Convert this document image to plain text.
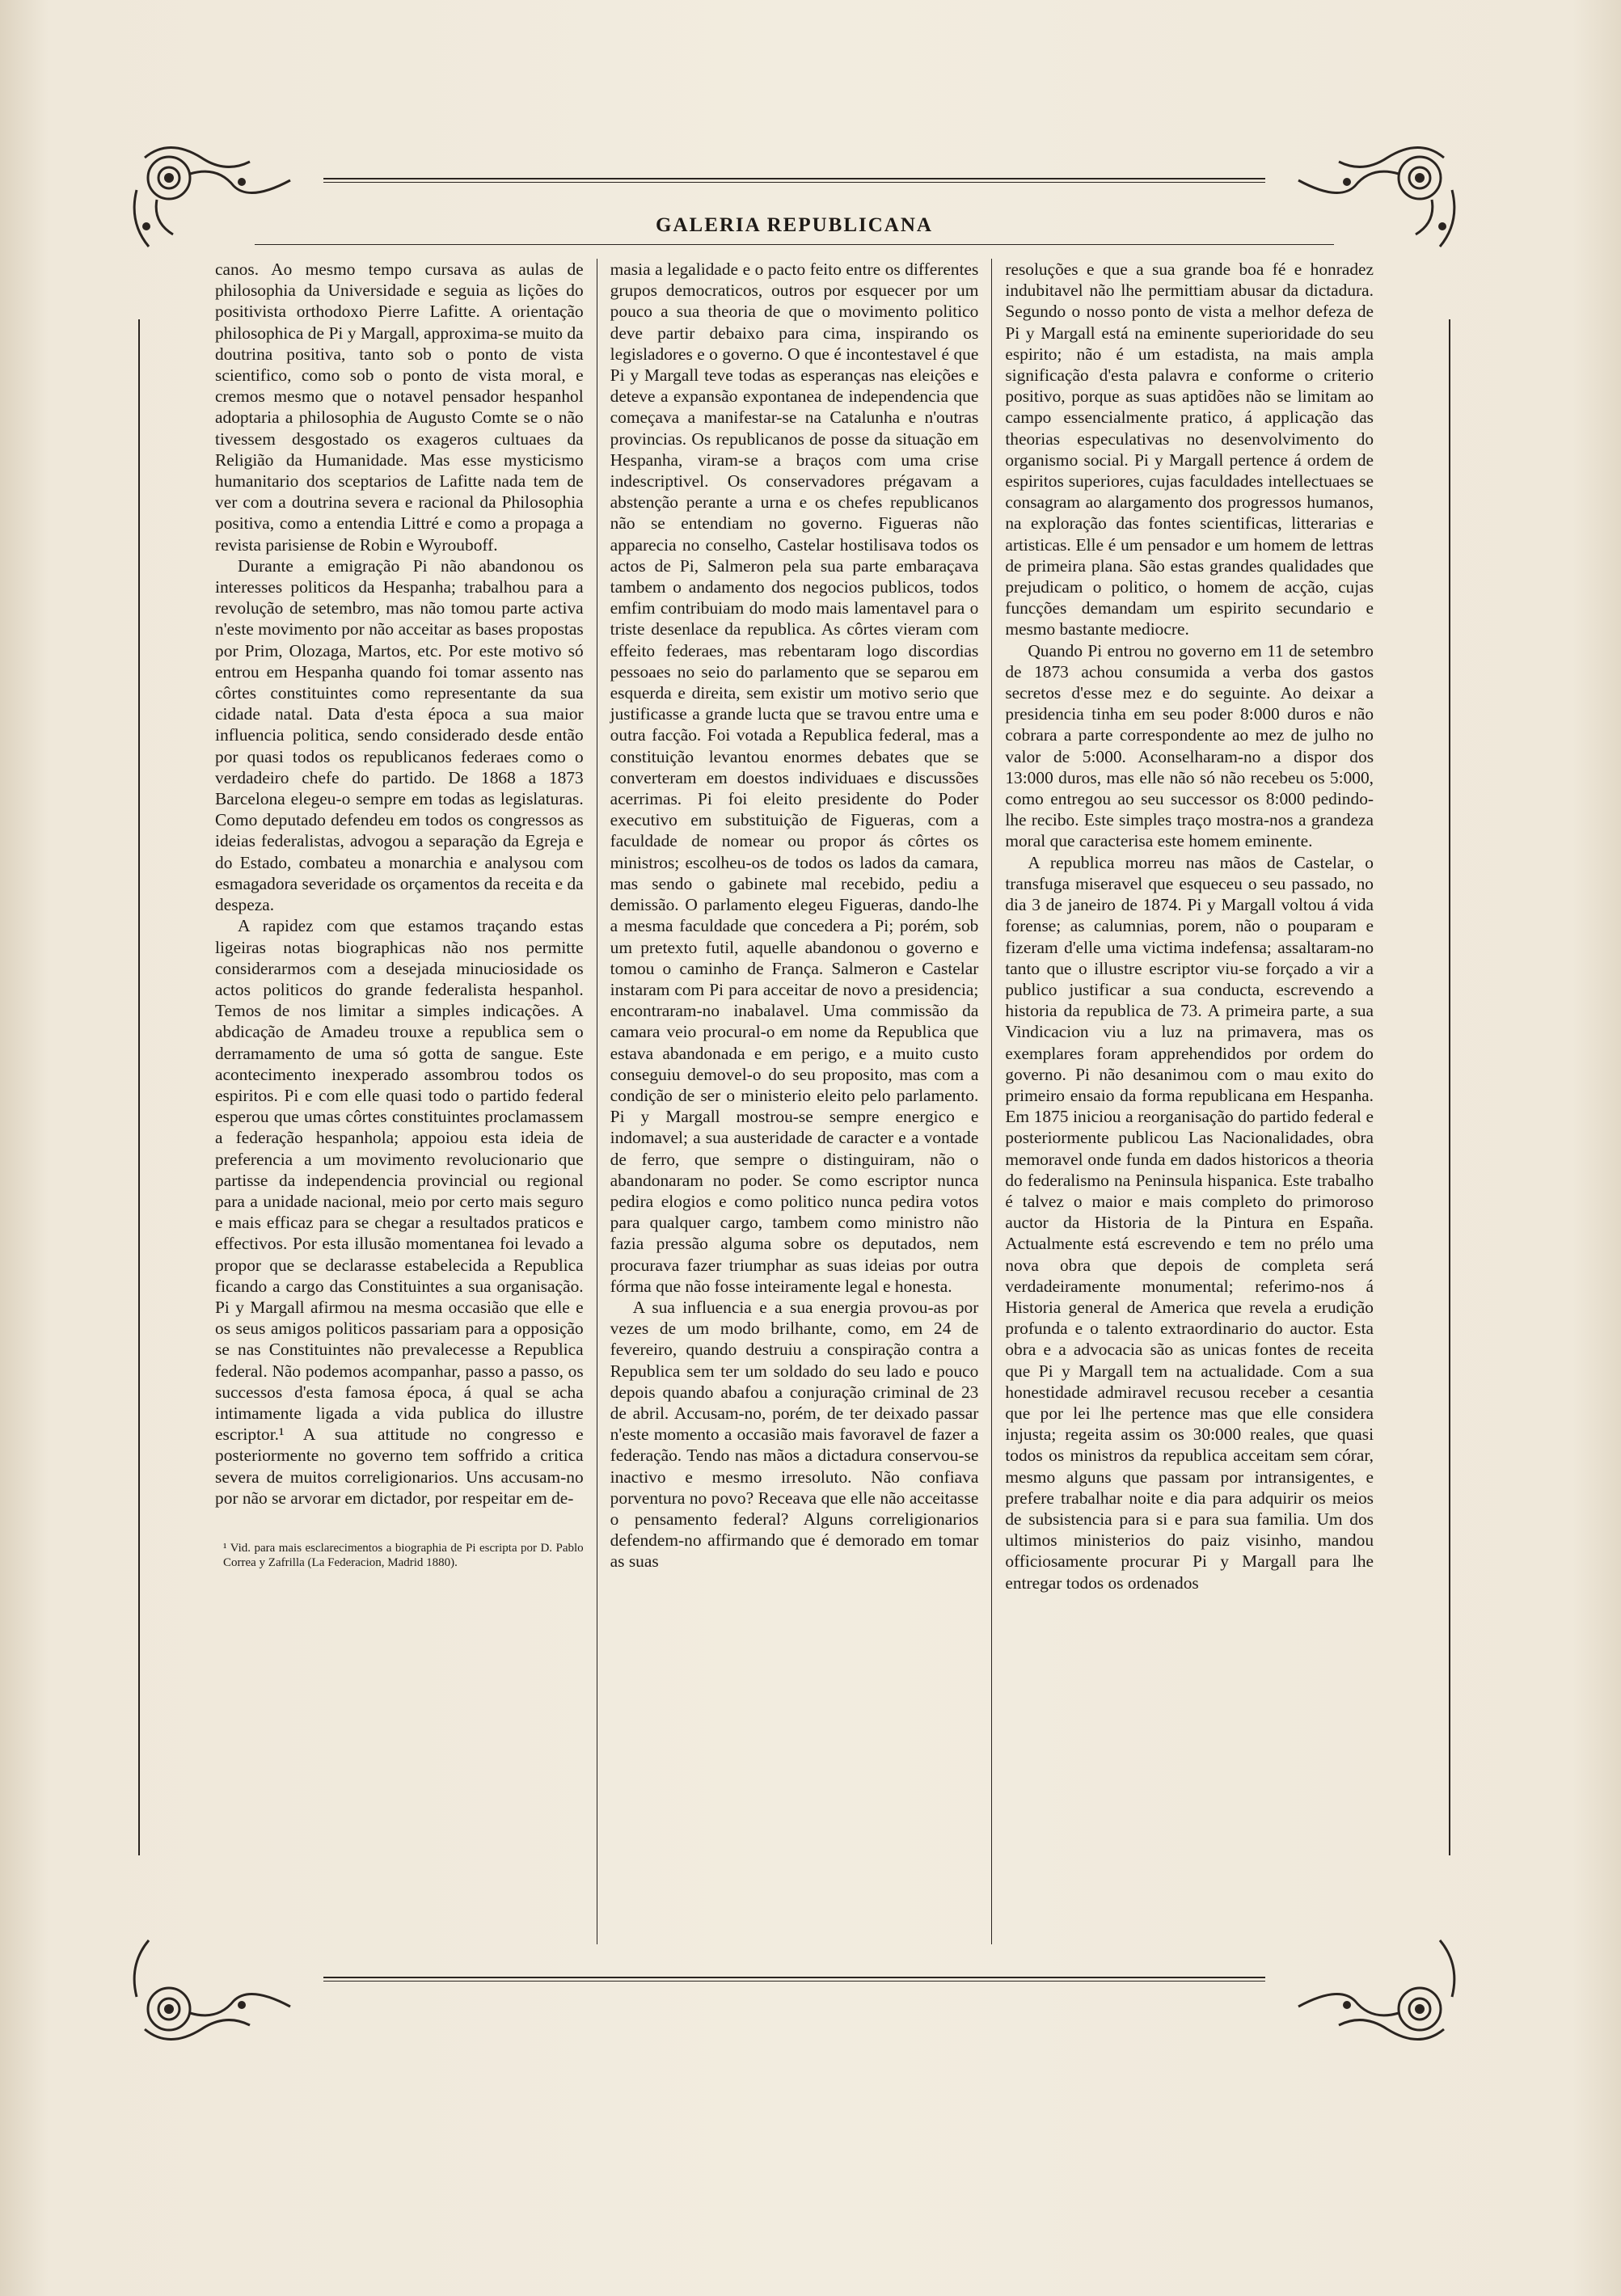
GALERIA REPUBLICANA

canos. Ao mesmo tempo cursava as aulas de philosophia da Universidade e seguia as lições do positivista orthodoxo Pierre Lafitte. A orientação philosophica de Pi y Margall, approxima-se muito da doutrina positiva, tanto sob o ponto de vista scientifico, como sob o ponto de vista moral, e cremos mesmo que o notavel pensador hespanhol adoptaria a philosophia de Augusto Comte se o não tivessem desgostado os exageros cultuaes da Religião da Humanidade. Mas esse mysticismo humanitario dos sceptarios de Lafitte nada tem de ver com a doutrina severa e racional da Philosophia positiva, como a entendia Littré e como a propaga a revista parisiense de Robin e Wyrouboff.

Durante a emigração Pi não abandonou os interesses politicos da Hespanha; trabalhou para a revolução de setembro, mas não tomou parte activa n'este movimento por não acceitar as bases propostas por Prim, Olozaga, Martos, etc. Por este motivo só entrou em Hespanha quando foi tomar assento nas côrtes constituintes como representante da sua cidade natal. Data d'esta época a sua maior influencia politica, sendo considerado desde então por quasi todos os republicanos federaes como o verdadeiro chefe do partido. De 1868 a 1873 Barcelona elegeu-o sempre em todas as legislaturas. Como deputado defendeu em todos os congressos as ideias federalistas, advogou a separação da Egreja e do Estado, combateu a monarchia e analysou com esmagadora severidade os orçamentos da receita e da despeza.

A rapidez com que estamos traçando estas ligeiras notas biographicas não nos permitte considerarmos com a desejada minuciosidade os actos politicos do grande federalista hespanhol. Temos de nos limitar a simples indicações. A abdicação de Amadeu trouxe a republica sem o derramamento de uma só gotta de sangue. Este acontecimento inexperado assombrou todos os espiritos. Pi e com elle quasi todo o partido federal esperou que umas côrtes constituintes proclamassem a federação hespanhola; appoiou esta ideia de preferencia a um movimento revolucionario que partisse da independencia provincial ou regional para a unidade nacional, meio por certo mais seguro e mais efficaz para se chegar a resultados praticos e effectivos. Por esta illusão momentanea foi levado a propor que se declarasse estabelecida a Republica ficando a cargo das Constituintes a sua organisação. Pi y Margall afirmou na mesma occasião que elle e os seus amigos politicos passariam para a opposição se nas Constituintes não prevalecesse a Republica federal. Não podemos acompanhar, passo a passo, os successos d'esta famosa época, á qual se acha intimamente ligada a vida publica do illustre escriptor.¹ A sua attitude no congresso e posteriormente no governo tem soffrido a critica severa de muitos correligionarios. Uns accusam-no por não se arvorar em dictador, por respeitar em de-

¹ Vid. para mais esclarecimentos a biographia de Pi escripta por D. Pablo Correa y Zafrilla (La Federacion, Madrid 1880).

masia a legalidade e o pacto feito entre os differentes grupos democraticos, outros por esquecer por um pouco a sua theoria de que o movimento politico deve partir debaixo para cima, inspirando os legisladores e o governo. O que é incontestavel é que Pi y Margall teve todas as esperanças nas eleições e deteve a expansão expontanea de independencia que começava a manifestar-se na Catalunha e n'outras provincias. Os republicanos de posse da situação em Hespanha, viram-se a braços com uma crise indescriptivel. Os conservadores prégavam a abstenção perante a urna e os chefes republicanos não se entendiam no governo. Figueras não apparecia no conselho, Castelar hostilisava todos os actos de Pi, Salmeron pela sua parte embaraçava tambem o andamento dos negocios publicos, todos emfim contribuiam do modo mais lamentavel para o triste desenlace da republica. As côrtes vieram com effeito federaes, mas rebentaram logo discordias pessoaes no seio do parlamento que se separou em esquerda e direita, sem existir um motivo serio que justificasse a grande lucta que se travou entre uma e outra facção. Foi votada a Republica federal, mas a constituição levantou enormes debates que se converteram em doestos individuaes e discussões acerrimas. Pi foi eleito presidente do Poder executivo em substituição de Figueras, com a faculdade de nomear ou propor ás côrtes os ministros; escolheu-os de todos os lados da camara, mas sendo o gabinete mal recebido, pediu a demissão. O parlamento elegeu Figueras, dando-lhe a mesma faculdade que concedera a Pi; porém, sob um pretexto futil, aquelle abandonou o governo e tomou o caminho de França. Salmeron e Castelar instaram com Pi para acceitar de novo a presidencia; encontraram-no inabalavel. Uma commissão da camara veio procural-o em nome da Republica que estava abandonada e em perigo, e a muito custo conseguiu demovel-o do seu proposito, mas com a condição de ser o ministerio eleito pelo parlamento. Pi y Margall mostrou-se sempre energico e indomavel; a sua austeridade de caracter e a vontade de ferro, que sempre o distinguiram, não o abandonaram no poder. Se como escriptor nunca pedira elogios e como politico nunca pedira votos para qualquer cargo, tambem como ministro não fazia pressão alguma sobre os deputados, nem procurava fazer triumphar as suas ideias por outra fórma que não fosse inteiramente legal e honesta.

A sua influencia e a sua energia provou-as por vezes de um modo brilhante, como, em 24 de fevereiro, quando destruiu a conspiração contra a Republica sem ter um soldado do seu lado e pouco depois quando abafou a conjuração criminal de 23 de abril. Accusam-no, porém, de ter deixado passar n'este momento a occasião mais favoravel de fazer a federação. Tendo nas mãos a dictadura conservou-se inactivo e mesmo irresoluto. Não confiava porventura no povo? Receava que elle não acceitasse o pensamento federal? Alguns correligionarios defendem-no affirmando que é demorado em tomar as suas

resoluções e que a sua grande boa fé e honradez indubitavel não lhe permittiam abusar da dictadura. Segundo o nosso ponto de vista a melhor defeza de Pi y Margall está na eminente superioridade do seu espirito; não é um estadista, na mais ampla significação d'esta palavra e conforme o criterio positivo, porque as suas aptidões não se limitam ao campo essencialmente pratico, á applicação das theorias especulativas no desenvolvimento do organismo social. Pi y Margall pertence á ordem de espiritos superiores, cujas faculdades intellectuaes se consagram ao alargamento dos progressos humanos, na exploração das fontes scientificas, litterarias e artisticas. Elle é um pensador e um homem de lettras de primeira plana. São estas grandes qualidades que prejudicam o politico, o homem de acção, cujas funcções demandam um espirito secundario e mesmo bastante mediocre.

Quando Pi entrou no governo em 11 de setembro de 1873 achou consumida a verba dos gastos secretos d'esse mez e do seguinte. Ao deixar a presidencia tinha em seu poder 8:000 duros e não cobrara a parte correspondente ao mez de julho no valor de 5:000. Aconselharam-no a dispor dos 13:000 duros, mas elle não só não recebeu os 5:000, como entregou ao seu successor os 8:000 pedindo-lhe recibo. Este simples traço mostra-nos a grandeza moral que caracterisa este homem eminente.

A republica morreu nas mãos de Castelar, o transfuga miseravel que esqueceu o seu passado, no dia 3 de janeiro de 1874. Pi y Margall voltou á vida forense; as calumnias, porem, não o pouparam e fizeram d'elle uma victima indefensa; assaltaram-no tanto que o illustre escriptor viu-se forçado a vir a publico justificar a sua conducta, escrevendo a historia da republica de 73. A primeira parte, a sua Vindicacion viu a luz na primavera, mas os exemplares foram apprehendidos por ordem do governo. Pi não desanimou com o mau exito do primeiro ensaio da forma republicana em Hespanha. Em 1875 iniciou a reorganisação do partido federal e posteriormente publicou Las Nacionalidades, obra memoravel onde funda em dados historicos a theoria do federalismo na Peninsula hispanica. Este trabalho é talvez o maior e mais completo do primoroso auctor da Historia de la Pintura en España. Actualmente está escrevendo e tem no prélo uma nova obra que depois de completa será verdadeiramente monumental; referimo-nos á Historia general de America que revela a erudição profunda e o talento extraordinario do auctor. Esta obra e a advocacia são as unicas fontes de receita que Pi y Margall tem na actualidade. Com a sua honestidade admiravel recusou receber a cesantia que por lei lhe pertence mas que elle considera injusta; regeita assim os 30:000 reales, que quasi todos os ministros da republica acceitam sem córar, mesmo alguns que passam por intransigentes, e prefere trabalhar noite e dia para adquirir os meios de subsistencia para si e para sua familia. Um dos ultimos ministerios do paiz visinho, mandou officiosamente procurar Pi y Margall para lhe entregar todos os ordenados
